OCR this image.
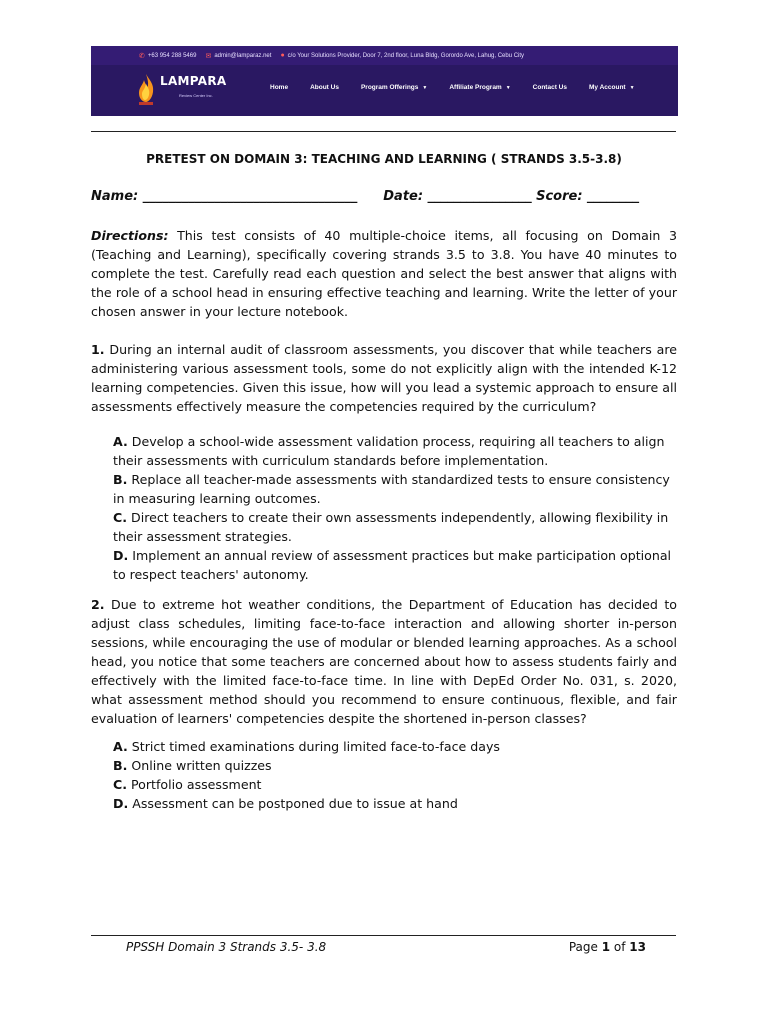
✆ +63 954 288 5469 ✉ admin@lamparaz.net ● c/o Your Solutions Provider, Door 7, 2nd floor, Luna Bldg, Gorordo Ave, Lahug, Cebu City
LAMPARA
Review Center Inc.
Home	About Us	Program Offerings ▼	Affiliate Program ▼	Contact Us	My Account ▼
PRETEST ON DOMAIN 3: TEACHING AND LEARNING ( STRANDS 3.5-3.8)
Name: _________________________________ Date: ________________ Score: ________
Directions: This test consists of 40 multiple-choice items, all focusing on Domain 3 (Teaching and Learning), specifically covering strands 3.5 to 3.8. You have 40 minutes to complete the test. Carefully read each question and select the best answer that aligns with the role of a school head in ensuring effective teaching and learning. Write the letter of your chosen answer in your lecture notebook.
1. During an internal audit of classroom assessments, you discover that while teachers are administering various assessment tools, some do not explicitly align with the intended K-12 learning competencies. Given this issue, how will you lead a systemic approach to ensure all assessments effectively measure the competencies required by the curriculum?

A. Develop a school-wide assessment validation process, requiring all teachers to align their assessments with curriculum standards before implementation.

B. Replace all teacher-made assessments with standardized tests to ensure consistency in measuring learning outcomes.

C. Direct teachers to create their own assessments independently, allowing flexibility in their assessment strategies.

D. Implement an annual review of assessment practices but make participation optional to respect teachers' autonomy.

2. Due to extreme hot weather conditions, the Department of Education has decided to adjust class schedules, limiting face-to-face interaction and allowing shorter in-person sessions, while encouraging the use of modular or blended learning approaches. As a school head, you notice that some teachers are concerned about how to assess students fairly and effectively with the limited face-to-face time. In line with DepEd Order No. 031, s. 2020, what assessment method should you recommend to ensure continuous, flexible, and fair evaluation of learners' competencies despite the shortened in-person classes?

A. Strict timed examinations during limited face-to-face days

B. Online written quizzes

C. Portfolio assessment

D. Assessment can be postponed due to issue at hand

PPSSH Domain 3 Strands 3.5- 3.8	Page 1 of 13
